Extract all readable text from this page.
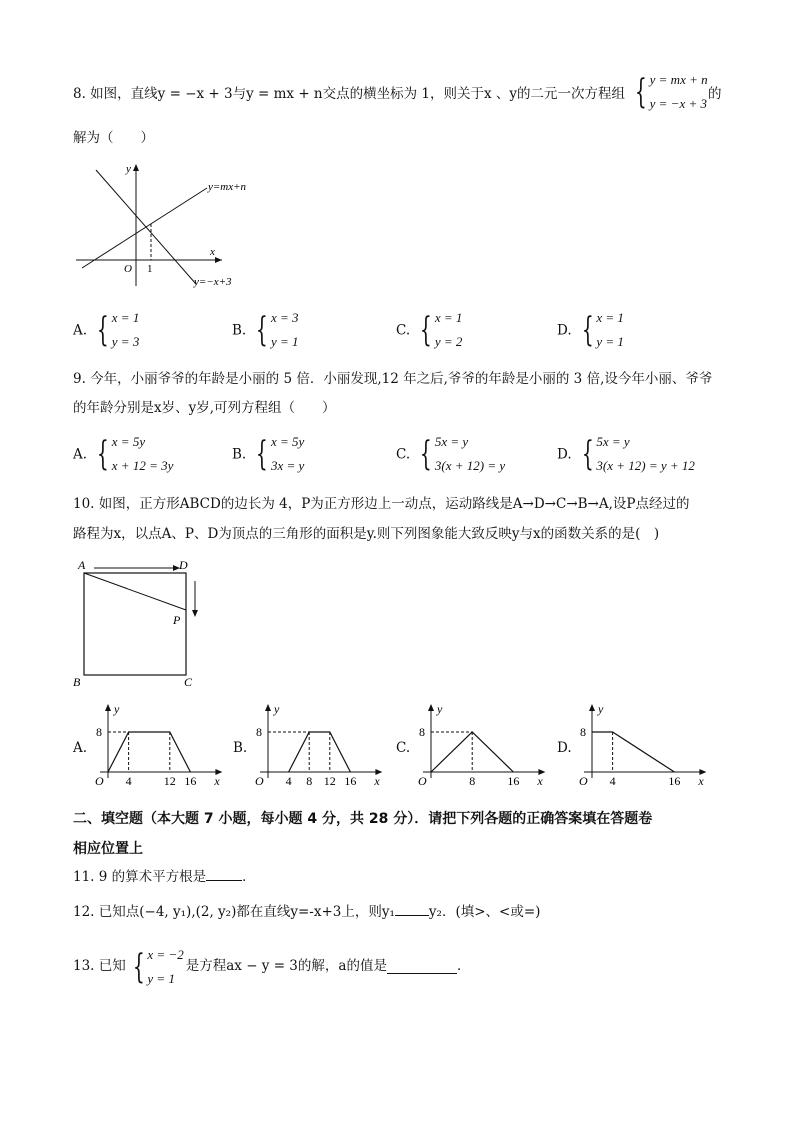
8. 如图，直线y = −x + 3与y = mx + n交点的横坐标为 1，则关于x 、y的二元一次方程组 { y = mx + n
y = −x + 3
的
解为（　　）
y=mx+n
y=−x+3
y
x
O 1
A. { x = 1
y = 3
B. { x = 3
y = 1
C. { x = 1
y = 2
D. { x = 1
y = 1
9. 今年，小丽爷爷的年龄是小丽的 5 倍．小丽发现,12 年之后,爷爷的年龄是小丽的 3 倍,设今年小丽、爷爷
的年龄分别是x岁、y岁,可列方程组（　　）
A. { x = 5y
x + 12 = 3y
B. { x = 5y
3x = y
C. { 5x = y
3(x + 12) = y
D. { 5x = y
3(x + 12) = y + 12
10. 如图，正方形ABCD的边长为 4，P为正方形边上一动点，运动路线是A→D→C→B→A,设P点经过的
路程为x，以点A、P、D为顶点的三角形的面积是y.则下列图象能大致反映y与x的函数关系的是(　)
A	D
P
B	C
A.	B.	C.	D.
y
x
O
8
4	12 16
y
x
O
8
4 8 12 16
y
x
O
8
8	16
y
x
O
8
4	16
二、填空题（本大题 7 小题，每小题 4 分，共 28 分）．请把下列各题的正确答案填在答题卷
相应位置上
11. 9 的算术平方根是	．
12. 已知点(−4, y₁),(2, y₂)都在直线y=-x+3上，则y₁	y₂．(填>、<或=)
13. 已知 { x = −2
y = 1
是方程ax − y = 3的解，a的值是	．
